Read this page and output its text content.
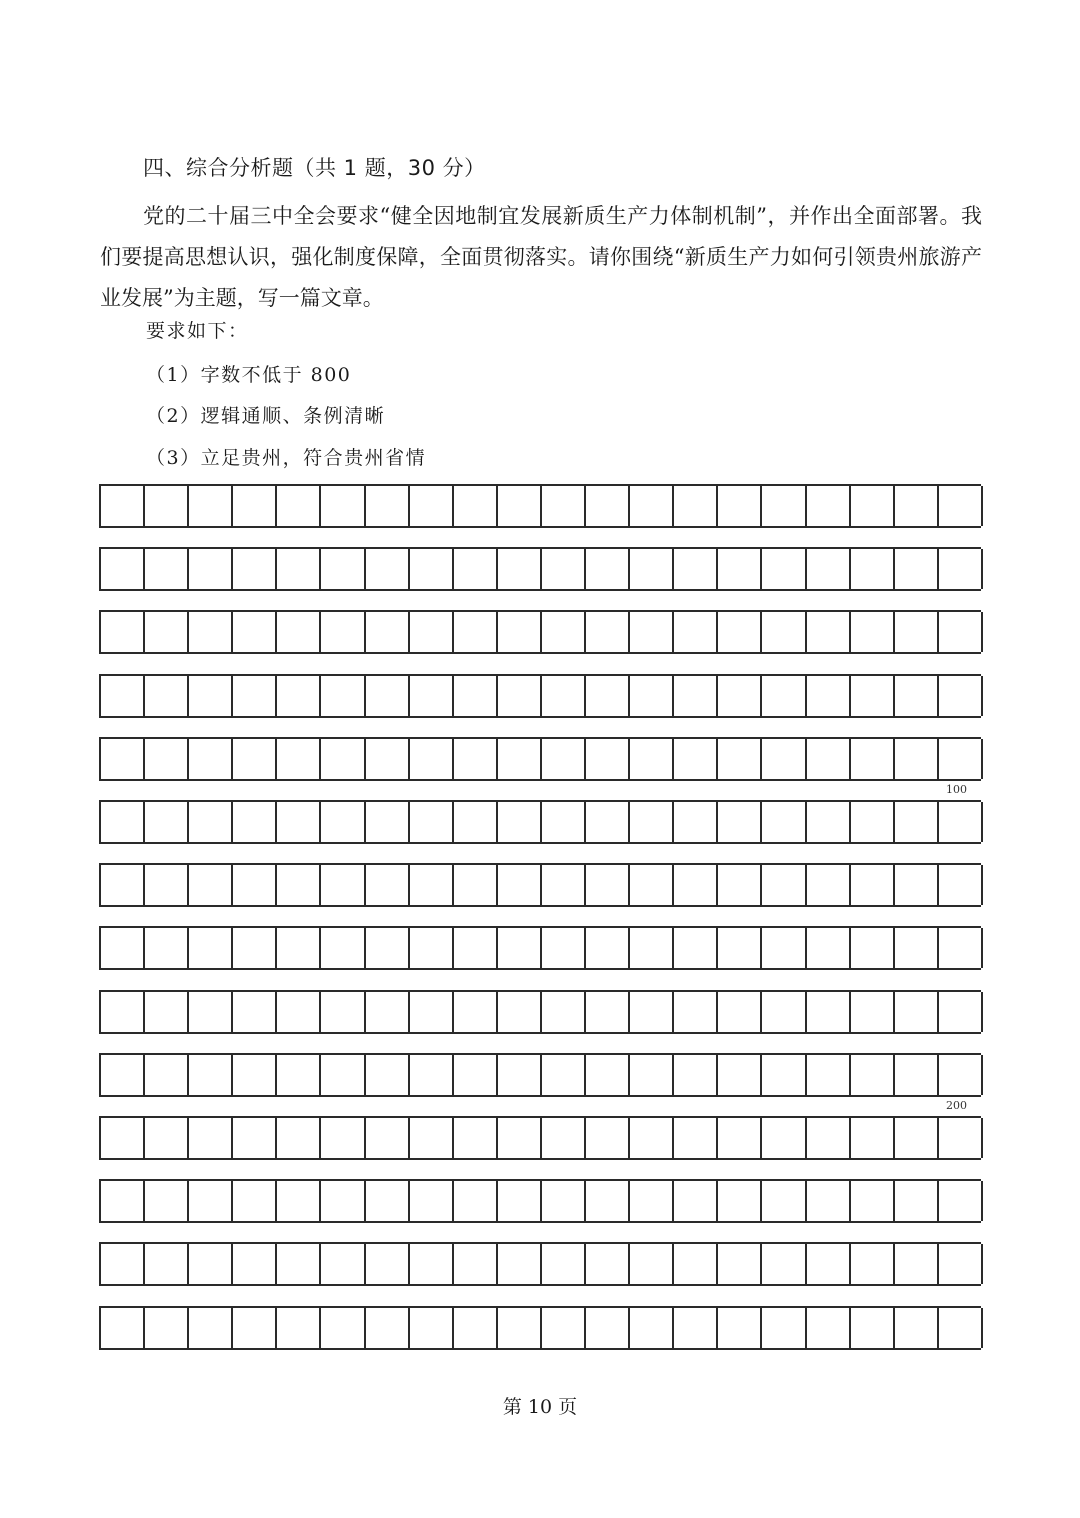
四、综合分析题（共 1 题，30 分）
党的二十届三中全会要求“健全因地制宜发展新质生产力体制机制”，并作出全面部署。我们要提高思想认识，强化制度保障，全面贯彻落实。请你围绕“新质生产力如何引领贵州旅游产业发展”为主题，写一篇文章。
要求如下：
（1）字数不低于 800
（2）逻辑通顺、条例清晰
（3）立足贵州，符合贵州省情
100
200
第 10 页
